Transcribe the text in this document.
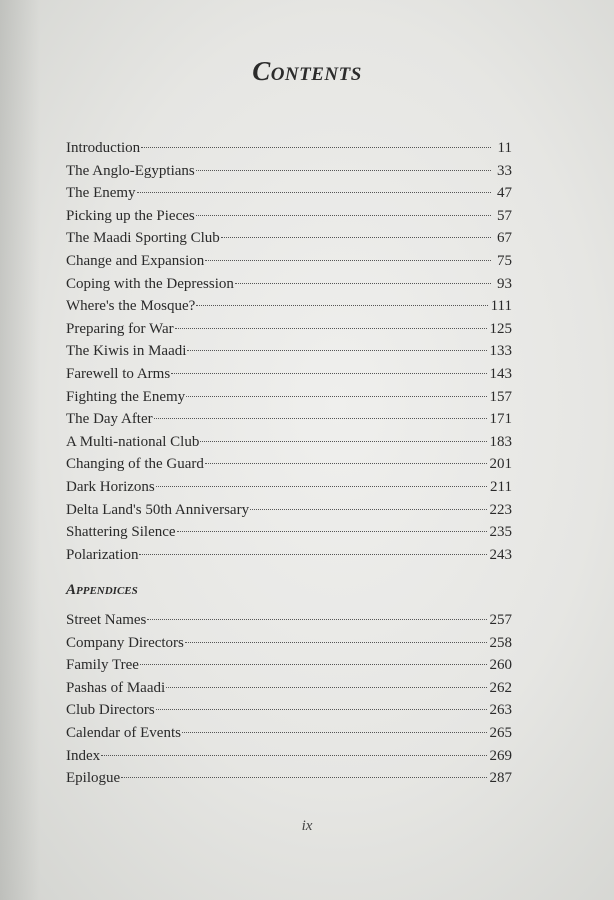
Contents
Introduction	11
The Anglo-Egyptians	33
The Enemy	47
Picking up the Pieces	57
The Maadi Sporting Club	67
Change and Expansion	75
Coping with the Depression	93
Where's the Mosque?	111
Preparing for War	125
The Kiwis in Maadi	133
Farewell to Arms	143
Fighting the Enemy	157
The Day After	171
A Multi-national Club	183
Changing of the Guard	201
Dark Horizons	211
Delta Land's 50th Anniversary	223
Shattering Silence	235
Polarization	243
Appendices
Street Names	257
Company Directors	258
Family Tree	260
Pashas of Maadi	262
Club Directors	263
Calendar of Events	265
Index	269
Epilogue	287
ix
